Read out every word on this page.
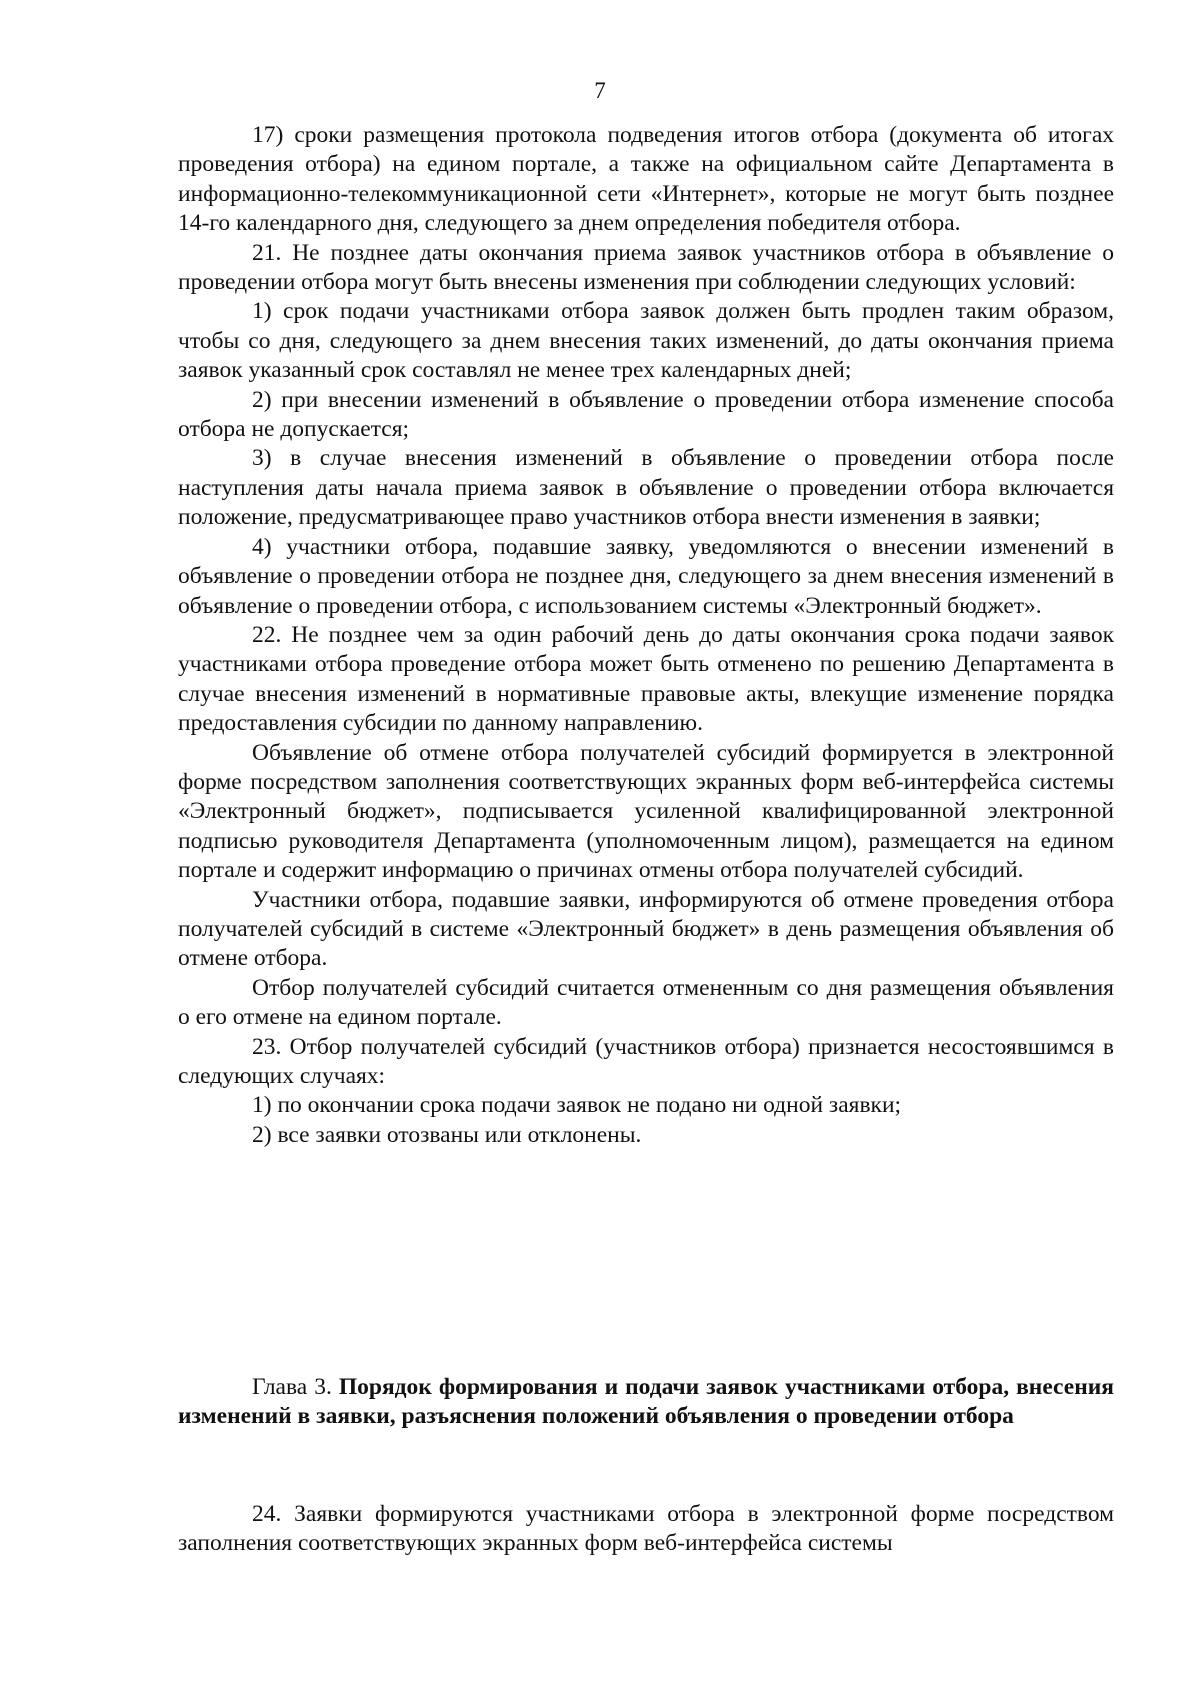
7

17) сроки размещения протокола подведения итогов отбора (документа об итогах проведения отбора) на едином портале, а также на официальном сайте Департамента в информационно-телекоммуникационной сети «Интернет», которые не могут быть позднее 14-го календарного дня, следующего за днем определения победителя отбора.

21. Не позднее даты окончания приема заявок участников отбора в объявление о проведении отбора могут быть внесены изменения при соблюдении следующих условий:

1) срок подачи участниками отбора заявок должен быть продлен таким образом, чтобы со дня, следующего за днем внесения таких изменений, до даты окончания приема заявок указанный срок составлял не менее трех календарных дней;

2) при внесении изменений в объявление о проведении отбора изменение способа отбора не допускается;

3) в случае внесения изменений в объявление о проведении отбора после наступления даты начала приема заявок в объявление о проведении отбора включается положение, предусматривающее право участников отбора внести изменения в заявки;

4) участники отбора, подавшие заявку, уведомляются о внесении изменений в объявление о проведении отбора не позднее дня, следующего за днем внесения изменений в объявление о проведении отбора, с использованием системы «Электронный бюджет».

22. Не позднее чем за один рабочий день до даты окончания срока подачи заявок участниками отбора проведение отбора может быть отменено по решению Департамента в случае внесения изменений в нормативные правовые акты, влекущие изменение порядка предоставления субсидии по данному направлению.

Объявление об отмене отбора получателей субсидий формируется в электронной форме посредством заполнения соответствующих экранных форм веб-интерфейса системы «Электронный бюджет», подписывается усиленной квалифицированной электронной подписью руководителя Департамента (уполномоченным лицом), размещается на едином портале и содержит информацию о причинах отмены отбора получателей субсидий.

Участники отбора, подавшие заявки, информируются об отмене проведения отбора получателей субсидий в системе «Электронный бюджет» в день размещения объявления об отмене отбора.

Отбор получателей субсидий считается отмененным со дня размещения объявления о его отмене на едином портале.

23. Отбор получателей субсидий (участников отбора) признается несостоявшимся в следующих случаях:

1) по окончании срока подачи заявок не подано ни одной заявки;

2) все заявки отозваны или отклонены.

Глава 3. Порядок формирования и подачи заявок участниками отбора, внесения изменений в заявки, разъяснения положений объявления о проведении отбора

24. Заявки формируются участниками отбора в электронной форме посредством заполнения соответствующих экранных форм веб-интерфейса системы
